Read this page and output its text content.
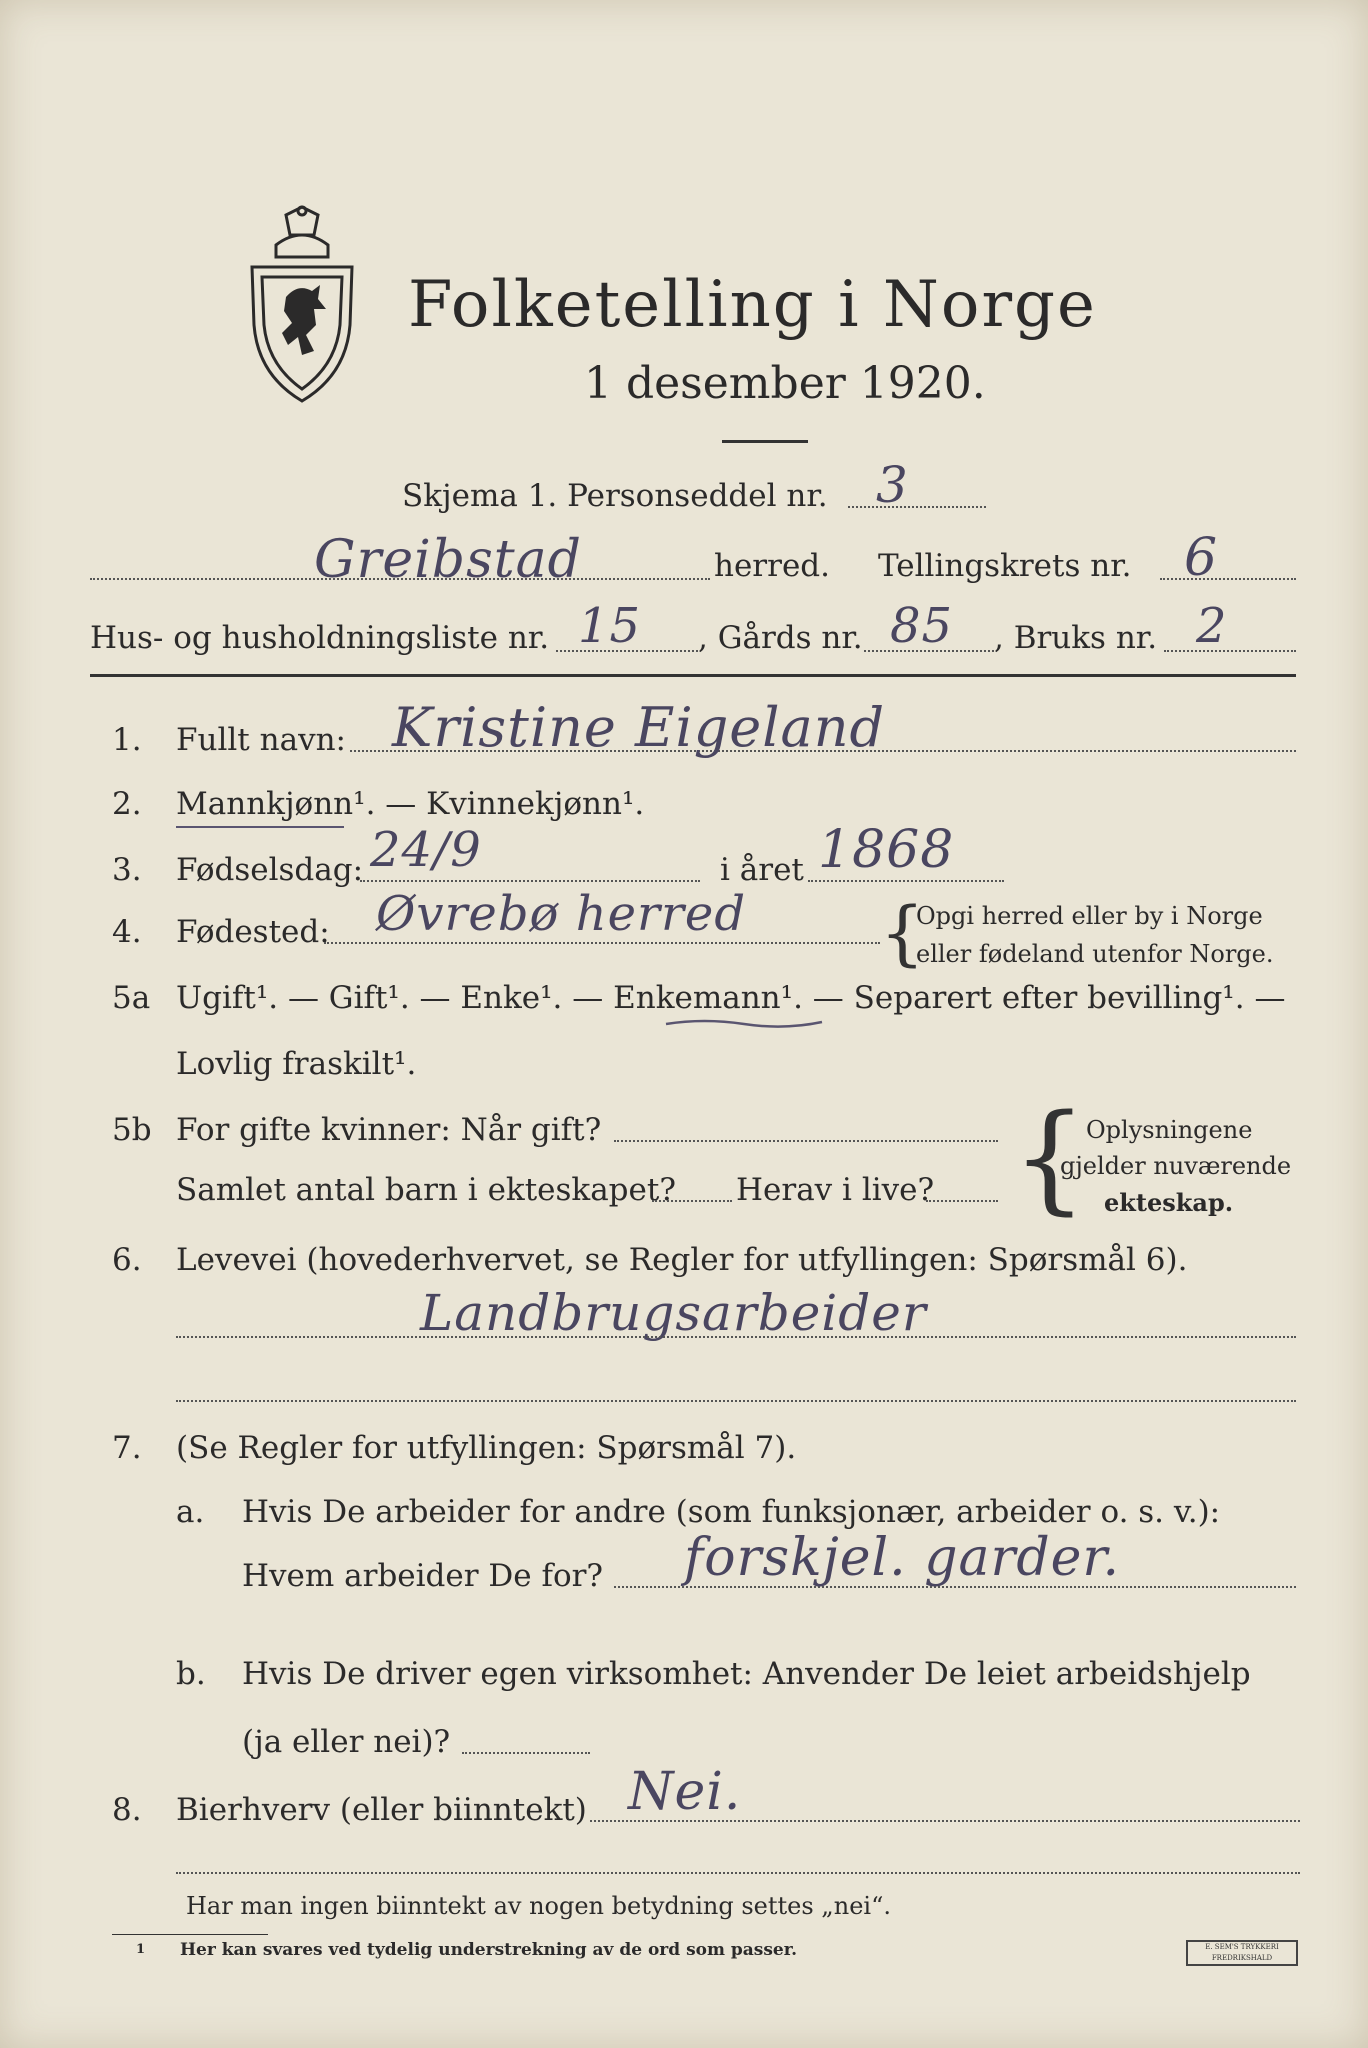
Folketelling i Norge
1 desember 1920.
Skjema 1. Personseddel nr. 3
Greibstad	herred. Tellingskrets nr. 6
Hus- og husholdningsliste nr. 15 , Gårds nr. 85 , Bruks nr. 2
1. Fullt navn: Kristine Eigeland
2. Mannkjønn¹. — Kvinnekjønn¹.
3. Fødselsdag: 24/9	i året 1868
4. Fødested: Øvrebø herred {
Opgi herred eller by i Norge
eller fødeland utenfor Norge.
5a Ugift¹. — Gift¹. — Enke¹. — Enkemann¹. — Separert efter bevilling¹. —
Lovlig fraskilt¹.
5b For gifte kvinner: Når gift?
Samlet antal barn i ekteskapet? Herav i live? {
Oplysningene
gjelder nuværende
ekteskap.
6. Levevei (hovederhvervet, se Regler for utfyllingen: Spørsmål 6).
Landbrugsarbeider
7. (Se Regler for utfyllingen: Spørsmål 7).
a. Hvis De arbeider for andre (som funksjonær, arbeider o. s. v.):
Hvem arbeider De for? forskjel. garder.
b. Hvis De driver egen virksomhet: Anvender De leiet arbeidshjelp
(ja eller nei)?
8. Bierhverv (eller biinntekt) Nei.
Har man ingen biinntekt av nogen betydning settes „nei“.
1 Her kan svares ved tydelig understrekning av de ord som passer.	E. SEM'S TRYKKERI FREDRIKSHALD
